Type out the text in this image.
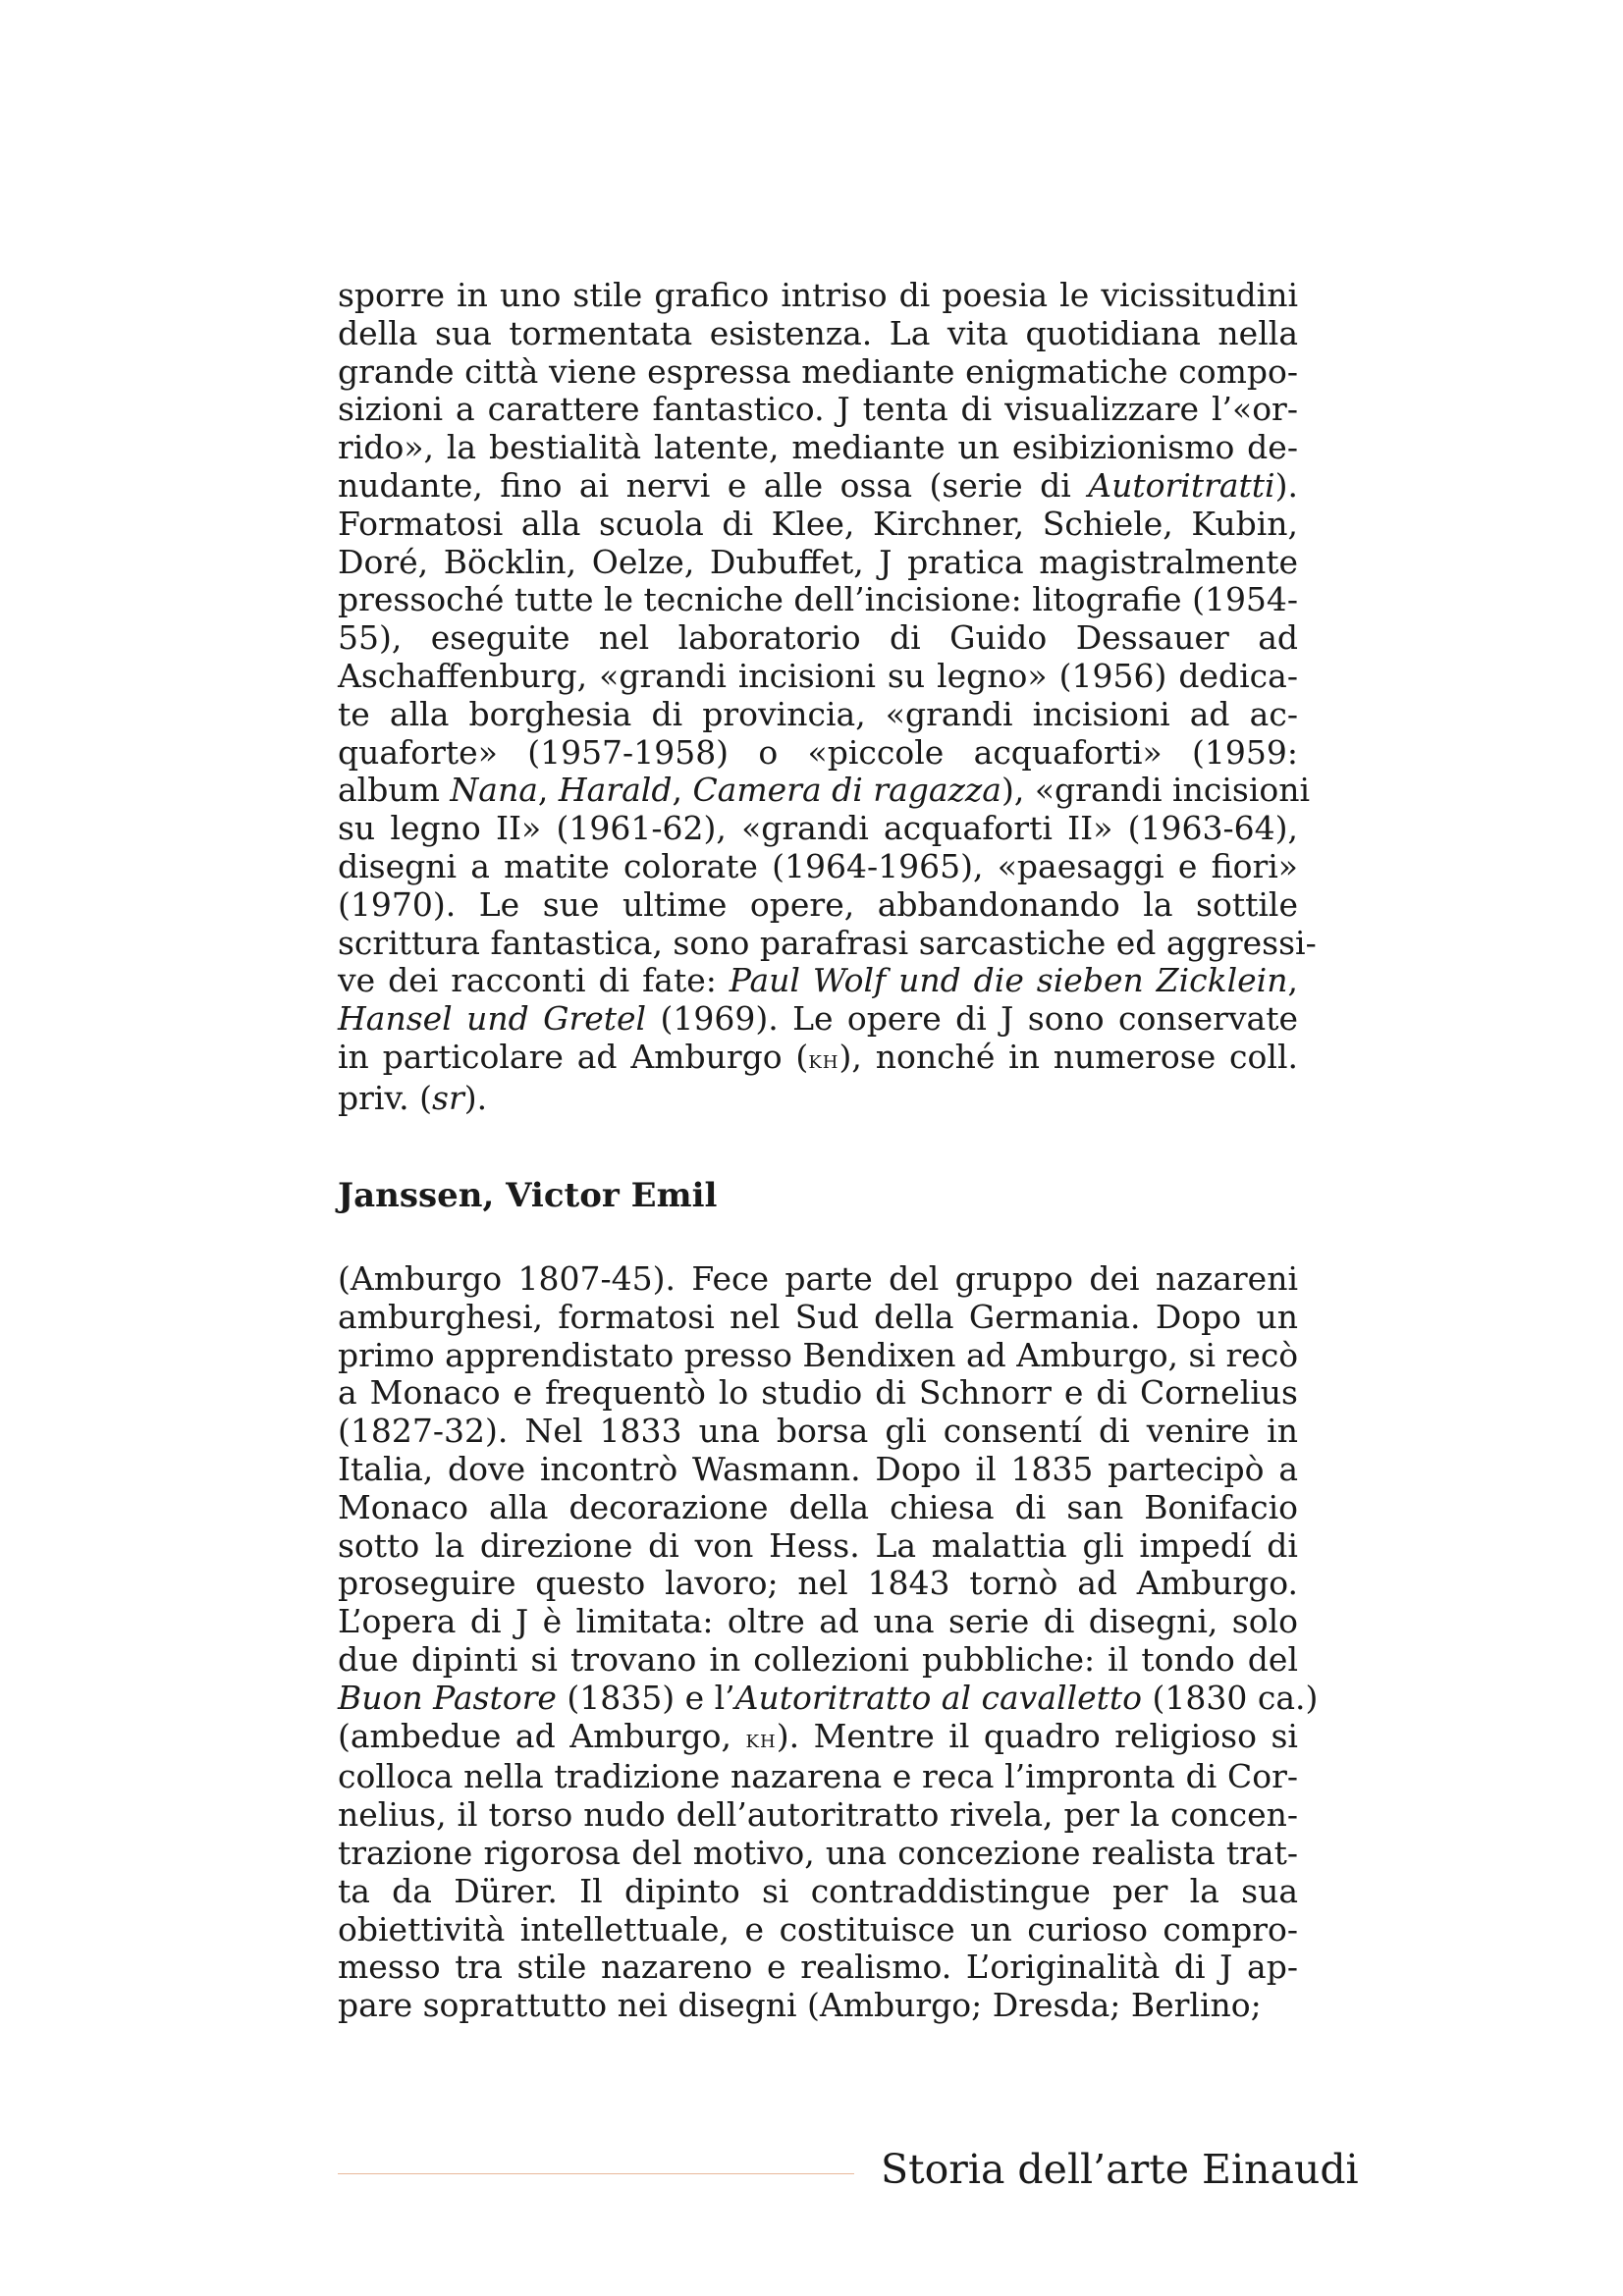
sporre in uno stile grafico intriso di poesia le vicissitudini
della sua tormentata esistenza. La vita quotidiana nella
grande città viene espressa mediante enigmatiche compo-
sizioni a carattere fantastico. J tenta di visualizzare l’«or-
rido», la bestialità latente, mediante un esibizionismo de-
nudante, fino ai nervi e alle ossa (serie di Autoritratti).
Formatosi alla scuola di Klee, Kirchner, Schiele, Kubin,
Doré, Böcklin, Oelze, Dubuffet, J pratica magistralmente
pressoché tutte le tecniche dell’incisione: litografie (1954-
55), eseguite nel laboratorio di Guido Dessauer ad
Aschaffenburg, «grandi incisioni su legno» (1956) dedica-
te alla borghesia di provincia, «grandi incisioni ad ac-
quaforte» (1957-1958) o «piccole acquaforti» (1959:
album Nana, Harald, Camera di ragazza), «grandi incisioni
su legno II» (1961-62), «grandi acquaforti II» (1963-64),
disegni a matite colorate (1964-1965), «paesaggi e fiori»
(1970). Le sue ultime opere, abbandonando la sottile
scrittura fantastica, sono parafrasi sarcastiche ed aggressi-
ve dei racconti di fate: Paul Wolf und die sieben Zicklein,
Hansel und Gretel (1969). Le opere di J sono conservate
in particolare ad Amburgo (kh), nonché in numerose coll.
priv. (sr).
Janssen, Victor Emil
(Amburgo 1807-45). Fece parte del gruppo dei nazareni
amburghesi, formatosi nel Sud della Germania. Dopo un
primo apprendistato presso Bendixen ad Amburgo, si recò
a Monaco e frequentò lo studio di Schnorr e di Cornelius
(1827-32). Nel 1833 una borsa gli consentí di venire in
Italia, dove incontrò Wasmann. Dopo il 1835 partecipò a
Monaco alla decorazione della chiesa di san Bonifacio
sotto la direzione di von Hess. La malattia gli impedí di
proseguire questo lavoro; nel 1843 tornò ad Amburgo.
L’opera di J è limitata: oltre ad una serie di disegni, solo
due dipinti si trovano in collezioni pubbliche: il tondo del
Buon Pastore (1835) e l’Autoritratto al cavalletto (1830 ca.)
(ambedue ad Amburgo, kh). Mentre il quadro religioso si
colloca nella tradizione nazarena e reca l’impronta di Cor-
nelius, il torso nudo dell’autoritratto rivela, per la concen-
trazione rigorosa del motivo, una concezione realista trat-
ta da Dürer. Il dipinto si contraddistingue per la sua
obiettività intellettuale, e costituisce un curioso compro-
messo tra stile nazareno e realismo. L’originalità di J ap-
pare soprattutto nei disegni (Amburgo; Dresda; Berlino;
Storia dell’arte Einaudi
